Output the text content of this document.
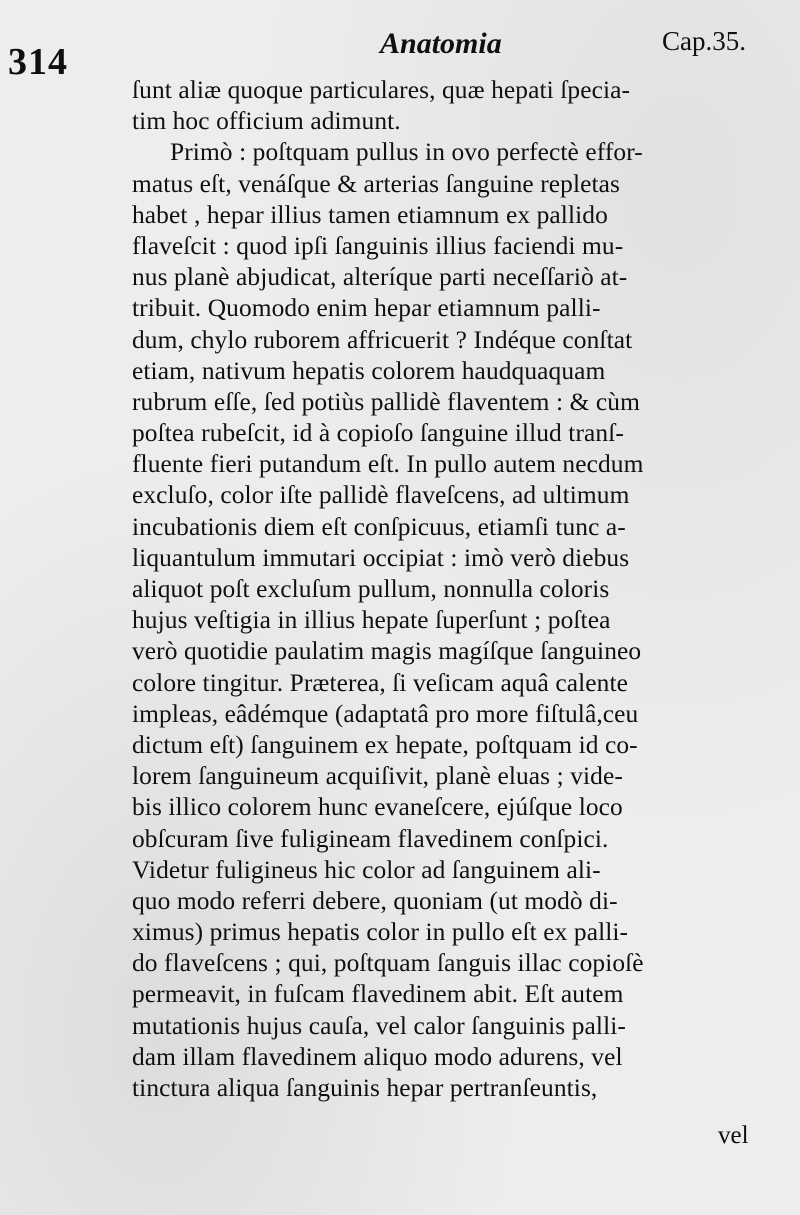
314	Anatomia	Cap.35.
ſunt aliæ quoque particulares, quæ hepati ſpecia-
tim hoc officium adimunt.
Primò : poſtquam pullus in ovo perfectè effor-
matus eſt, venáſque & arterias ſanguine repletas
habet , hepar illius tamen etiamnum ex pallido
flaveſcit : quod ipſi ſanguinis illius faciendi mu-
nus planè abjudicat, alteríque parti neceſſariò at-
tribuit. Quomodo enim hepar etiamnum palli-
dum, chylo ruborem affricuerit ? Indéque conſtat
etiam, nativum hepatis colorem haudquaquam
rubrum eſſe, ſed potiùs pallidè flaventem : & cùm
poſtea rubeſcit, id à copioſo ſanguine illud tranſ-
fluente fieri putandum eſt. In pullo autem necdum
excluſo, color iſte pallidè flaveſcens, ad ultimum
incubationis diem eſt conſpicuus, etiamſi tunc a-
liquantulum immutari occipiat : imò verò diebus
aliquot poſt excluſum pullum, nonnulla coloris
hujus veſtigia in illius hepate ſuperſunt ; poſtea
verò quotidie paulatim magis magíſque ſanguineo
colore tingitur. Præterea, ſi veſicam aquâ calente
impleas, eâdémque (adaptatâ pro more fiſtulâ,ceu
dictum eſt) ſanguinem ex hepate, poſtquam id co-
lorem ſanguineum acquiſivit, planè eluas ; vide-
bis illico colorem hunc evaneſcere, ejúſque loco
obſcuram ſive fuligineam flavedinem conſpici.
Videtur fuligineus hic color ad ſanguinem ali-
quo modo referri debere, quoniam (ut modò di-
ximus) primus hepatis color in pullo eſt ex palli-
do flaveſcens ; qui, poſtquam ſanguis illac copioſè
permeavit, in fuſcam flavedinem abit. Eſt autem
mutationis hujus cauſa, vel calor ſanguinis palli-
dam illam flavedinem aliquo modo adurens, vel
tinctura aliqua ſanguinis hepar pertranſeuntis,
vel
